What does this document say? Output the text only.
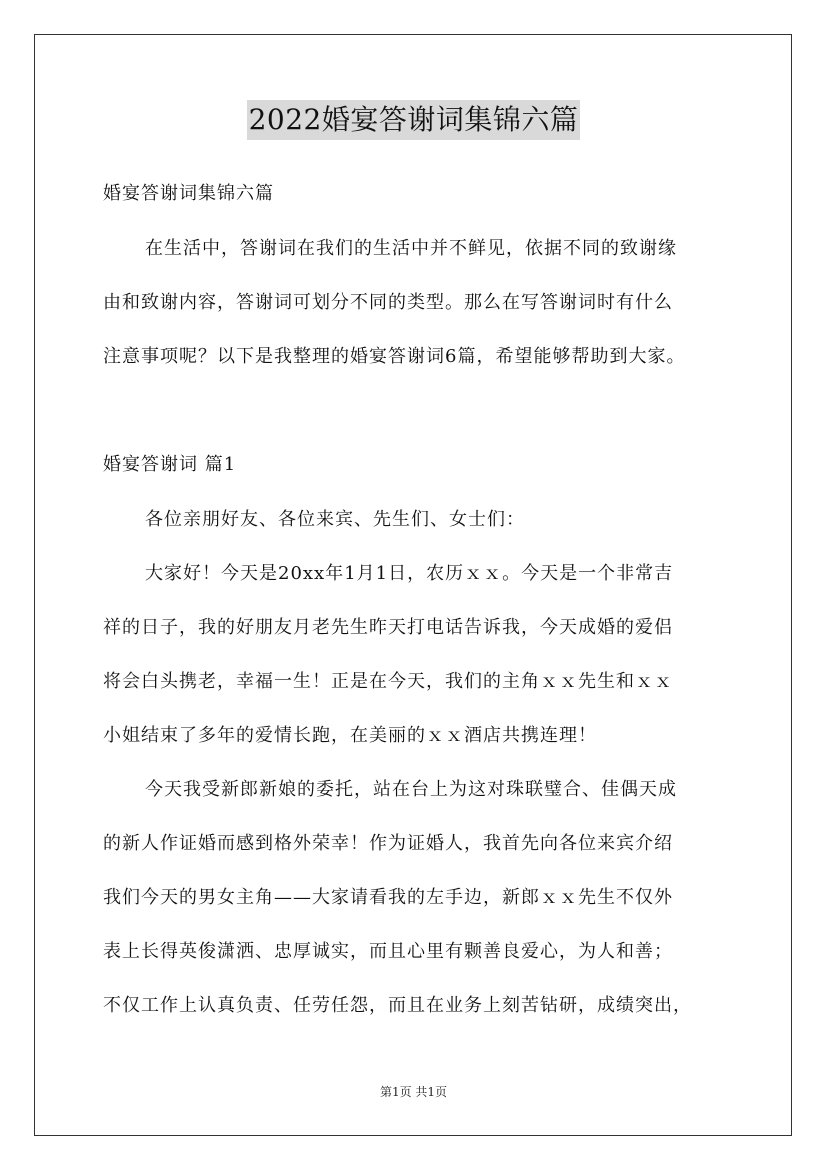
2022婚宴答谢词集锦六篇
婚宴答谢词集锦六篇
在生活中，答谢词在我们的生活中并不鲜见，依据不同的致谢缘
由和致谢内容，答谢词可划分不同的类型。那么在写答谢词时有什么
注意事项呢？以下是我整理的婚宴答谢词6篇，希望能够帮助到大家。
婚宴答谢词 篇1
各位亲朋好友、各位来宾、先生们、女士们：
大家好！今天是20xx年1月1日，农历ｘｘ。今天是一个非常吉
祥的日子，我的好朋友月老先生昨天打电话告诉我，今天成婚的爱侣
将会白头携老，幸福一生！正是在今天，我们的主角ｘｘ先生和ｘｘ
小姐结束了多年的爱情长跑，在美丽的ｘｘ酒店共携连理！
今天我受新郎新娘的委托，站在台上为这对珠联璧合、佳偶天成
的新人作证婚而感到格外荣幸！作为证婚人，我首先向各位来宾介绍
我们今天的男女主角——大家请看我的左手边，新郎ｘｘ先生不仅外
表上长得英俊潇洒、忠厚诚实，而且心里有颗善良爱心，为人和善；
不仅工作上认真负责、任劳任怨，而且在业务上刻苦钻研，成绩突出，
第1页 共1页
